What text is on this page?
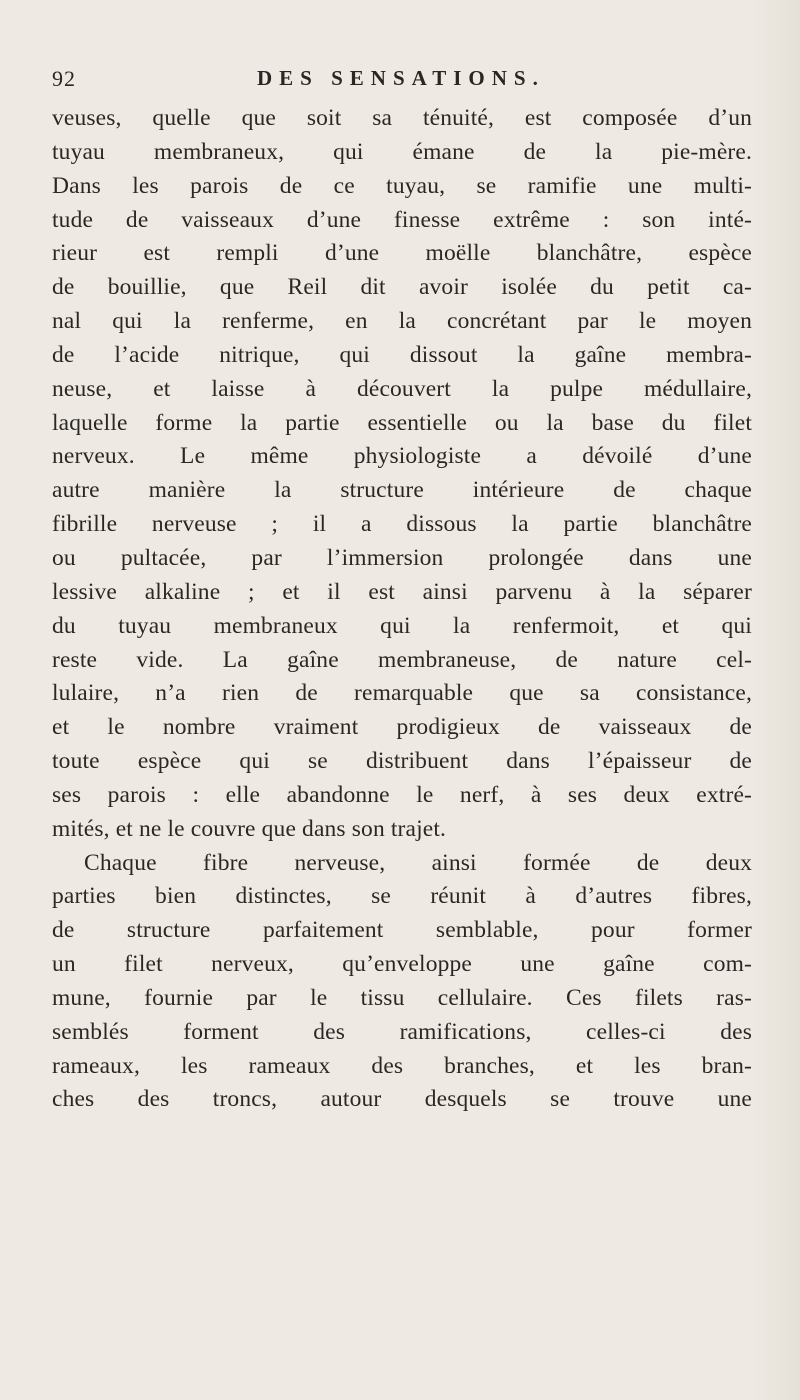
92	DES SENSATIONS.
veuses, quelle que soit sa ténuité, est composée d’un
tuyau membraneux, qui émane de la pie-mère.
Dans les parois de ce tuyau, se ramifie une multi-
tude de vaisseaux d’une finesse extrême : son inté-
rieur est rempli d’une moëlle blanchâtre, espèce
de bouillie, que Reil dit avoir isolée du petit ca-
nal qui la renferme, en la concrétant par le moyen
de l’acide nitrique, qui dissout la gaîne membra-
neuse, et laisse à découvert la pulpe médullaire,
laquelle forme la partie essentielle ou la base du filet
nerveux. Le même physiologiste a dévoilé d’une
autre manière la structure intérieure de chaque
fibrille nerveuse ; il a dissous la partie blanchâtre
ou pultacée, par l’immersion prolongée dans une
lessive alkaline ; et il est ainsi parvenu à la séparer
du tuyau membraneux qui la renfermoit, et qui
reste vide. La gaîne membraneuse, de nature cel-
lulaire, n’a rien de remarquable que sa consistance,
et le nombre vraiment prodigieux de vaisseaux de
toute espèce qui se distribuent dans l’épaisseur de
ses parois : elle abandonne le nerf, à ses deux extré-
mités, et ne le couvre que dans son trajet.
Chaque fibre nerveuse, ainsi formée de deux
parties bien distinctes, se réunit à d’autres fibres,
de structure parfaitement semblable, pour former
un filet nerveux, qu’enveloppe une gaîne com-
mune, fournie par le tissu cellulaire. Ces filets ras-
semblés forment des ramifications, celles-ci des
rameaux, les rameaux des branches, et les bran-
ches des troncs, autour desquels se trouve une
